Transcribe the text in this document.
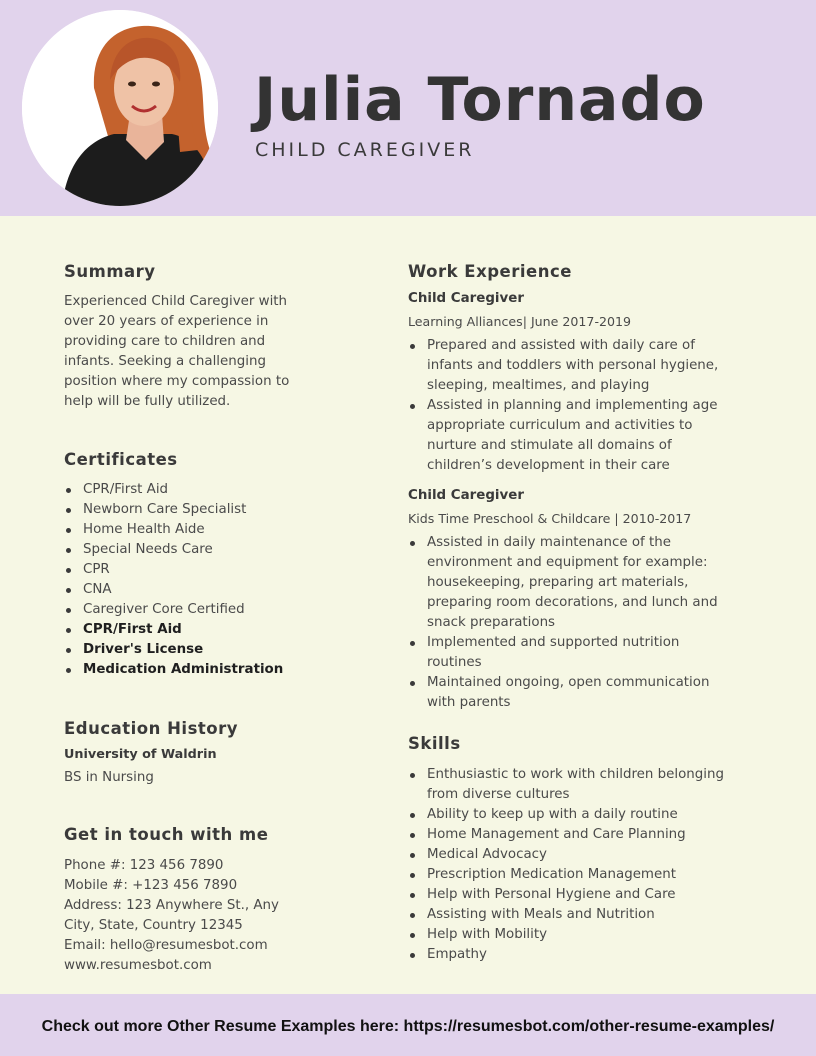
Julia Tornado
CHILD CAREGIVER
Summary
Experienced Child Caregiver with over 20 years of experience in providing care to children and infants. Seeking a challenging position where my compassion to help will be fully utilized.
Certificates
CPR/First Aid
Newborn Care Specialist
Home Health Aide
Special Needs Care
CPR
CNA
Caregiver Core Certified
CPR/First Aid
Driver's License
Medication Administration
Education History
University of Waldrin
BS in Nursing
Get in touch with me
Phone #: 123 456 7890
Mobile #: +123 456 7890
Address: 123 Anywhere St., Any
City, State, Country 12345
Email: hello@resumesbot.com
www.resumesbot.com
Work Experience
Child Caregiver
Learning Alliances| June 2017-2019
Prepared and assisted with daily care of infants and toddlers with personal hygiene, sleeping, mealtimes, and playing
Assisted in planning and implementing age appropriate curriculum and activities to nurture and stimulate all domains of children’s development in their care
Child Caregiver
Kids Time Preschool & Childcare | 2010-2017
Assisted in daily maintenance of the environment and equipment for example: housekeeping, preparing art materials, preparing room decorations, and lunch and snack preparations
Implemented and supported nutrition routines
Maintained ongoing, open communication with parents
Skills
Enthusiastic to work with children belonging from diverse cultures
Ability to keep up with a daily routine
Home Management and Care Planning
Medical Advocacy
Prescription Medication Management
Help with Personal Hygiene and Care
Assisting with Meals and Nutrition
Help with Mobility
Empathy
Check out more Other Resume Examples here: https://resumesbot.com/other-resume-examples/
